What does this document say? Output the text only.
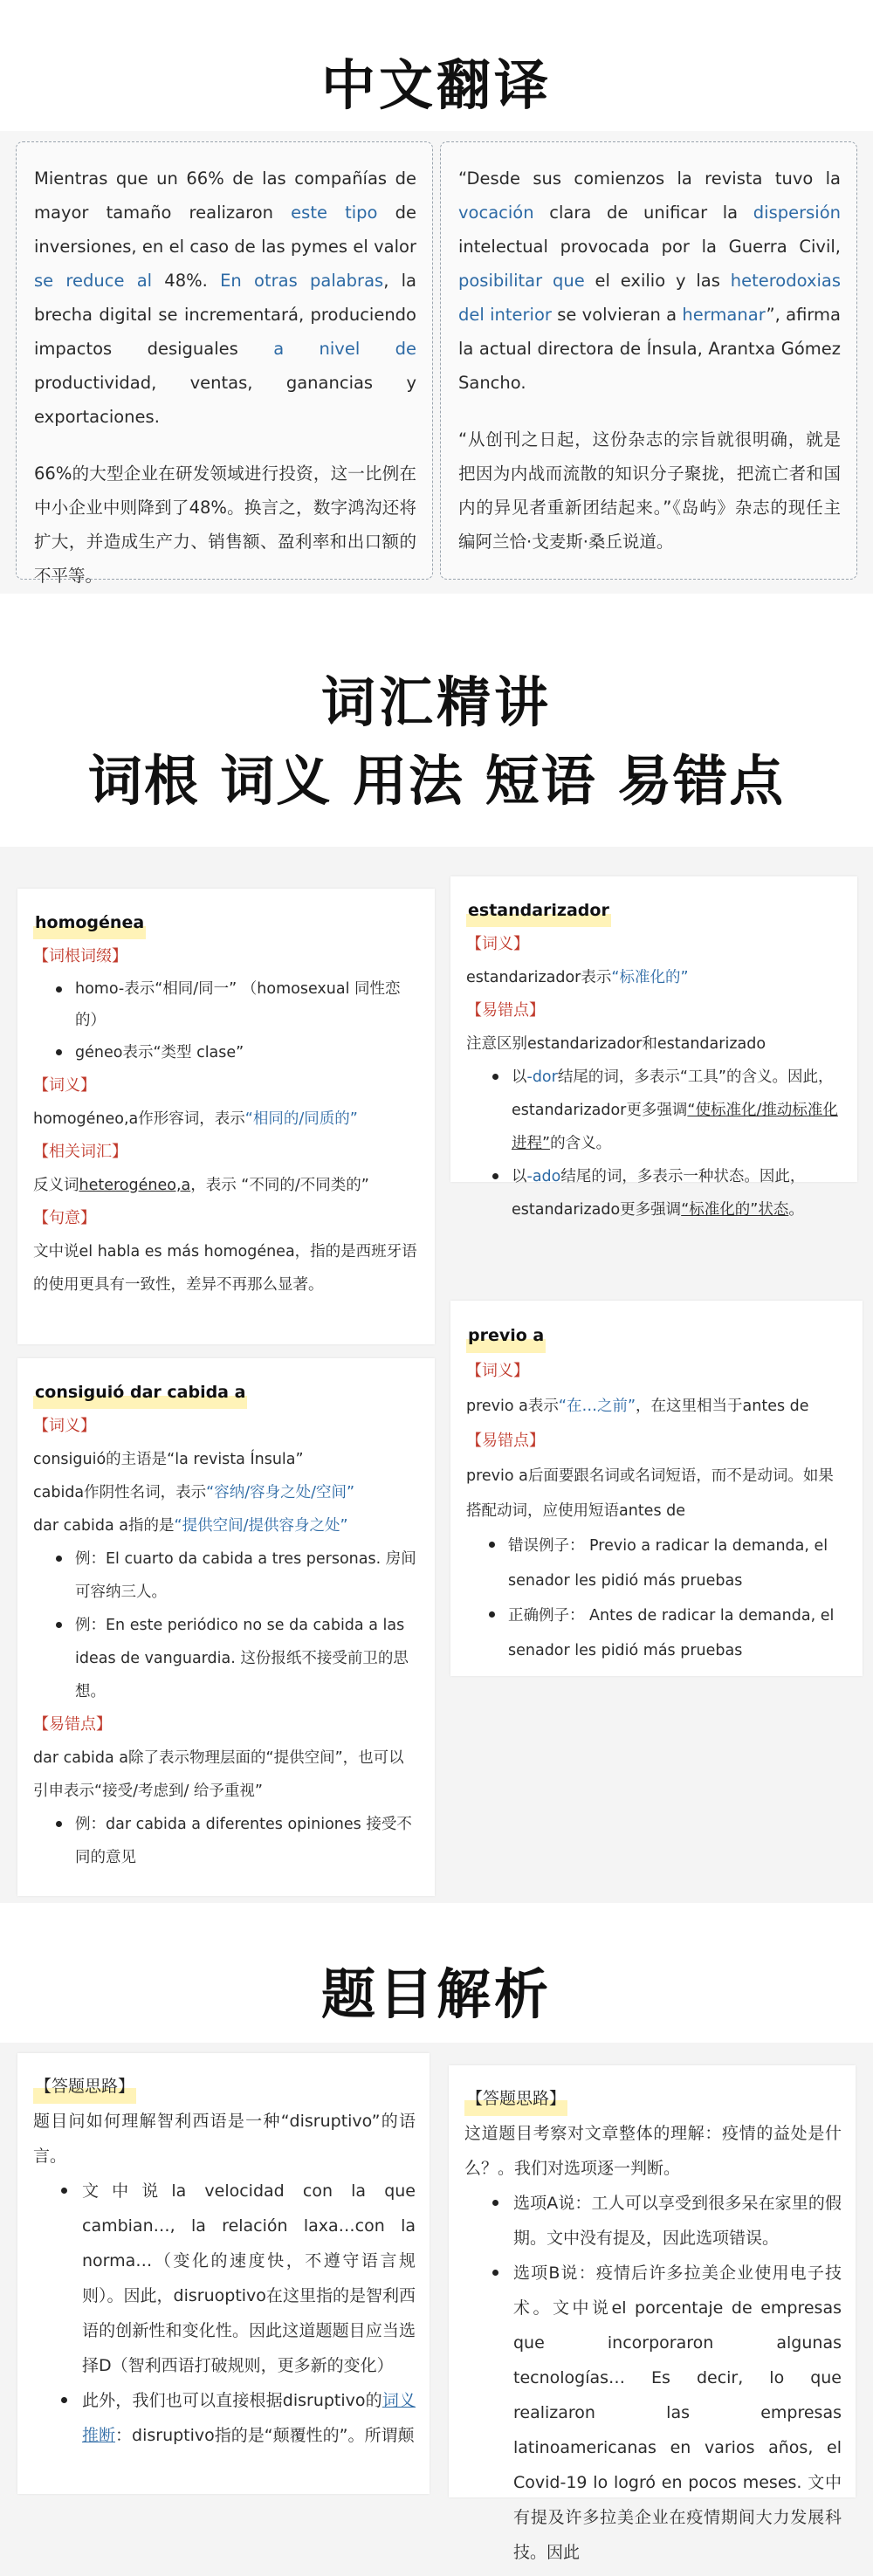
中文翻译

Mientras que un 66% de las compañías de mayor tamaño realizaron este tipo de inversiones, en el caso de las pymes el valor se reduce al 48%. En otras palabras, la brecha digital se incrementará, produciendo impactos desiguales a nivel de productividad, ventas, ganancias y exportaciones.

66%的大型企业在研发领域进行投资，这一比例在中小企业中则降到了48%。换言之，数字鸿沟还将扩大，并造成生产力、销售额、盈利率和出口额的不平等。

“Desde sus comienzos la revista tuvo la vocación clara de unificar la dispersión intelectual provocada por la Guerra Civil, posibilitar que el exilio y las heterodoxias del interior se volvieran a hermanar”, afirma la actual directora de Ínsula, Arantxa Gómez Sancho.

“从创刊之日起，这份杂志的宗旨就很明确，就是把因为内战而流散的知识分子聚拢，把流亡者和国内的异见者重新团结起来。”《岛屿》杂志的现任主编阿兰恰·戈麦斯·桑丘说道。

词汇精讲
词根 词义 用法 短语 易错点
homogénea
【词根词缀】
homo-表示“相同/同一” （homosexual 同性恋的）
géneo表示“类型 clase”
【词义】
homogéneo,a作形容词，表示“相同的/同质的”
【相关词汇】
反义词heterogéneo,a，表示 “不同的/不同类的”
【句意】
文中说el habla es más homogénea，指的是西班牙语的使用更具有一致性，差异不再那么显著。
estandarizador
【词义】
estandarizador表示“标准化的”
【易错点】
注意区别estandarizador和estandarizado
以-dor结尾的词，多表示“工具”的含义。因此，estandarizador更多强调“使标准化/推动标准化进程”的含义。
以-ado结尾的词，多表示一种状态。因此，estandarizado更多强调“标准化的”状态。
consiguió dar cabida a
【词义】
consiguió的主语是“la revista Ínsula”
cabida作阴性名词，表示“容纳/容身之处/空间”
dar cabida a指的是“提供空间/提供容身之处”
例：El cuarto da cabida a tres personas. 房间可容纳三人。
例：En este periódico no se da cabida a las ideas de vanguardia. 这份报纸不接受前卫的思想。
【易错点】
dar cabida a除了表示物理层面的“提供空间”，也可以引申表示“接受/考虑到/ 给予重视”
例：dar cabida a diferentes opiniones 接受不同的意见
previo a
【词义】
previo a表示“在…之前”，在这里相当于antes de
【易错点】
previo a后面要跟名词或名词短语，而不是动词。如果搭配动词，应使用短语antes de
错误例子： Previo a radicar la demanda, el senador les pidió más pruebas
正确例子： Antes de radicar la demanda, el senador les pidió más pruebas
题目解析
【答题思路】

题目问如何理解智利西语是一种“disruptivo”的语言。

文中说la velocidad con la que cambian…, la relación laxa…con la norma…（变化的速度快，不遵守语言规则）。因此，disruoptivo在这里指的是智利西语的创新性和变化性。因此这道题题目应当选择D（智利西语打破规则，更多新的变化）
此外，我们也可以直接根据disruptivo的词义推断：disruptivo指的是“颠覆性的”。所谓颠
【答题思路】

这道题目考察对文章整体的理解：疫情的益处是什么？。我们对选项逐一判断。

选项A说：工人可以享受到很多呆在家里的假期。文中没有提及，因此选项错误。
选项B说：疫情后许多拉美企业使用电子技术。文中说el porcentaje de empresas que incorporaron algunas tecnologías… Es decir, lo que realizaron las empresas latinoamericanas en varios años, el Covid-19 lo logró en pocos meses. 文中有提及许多拉美企业在疫情期间大力发展科技。因此
